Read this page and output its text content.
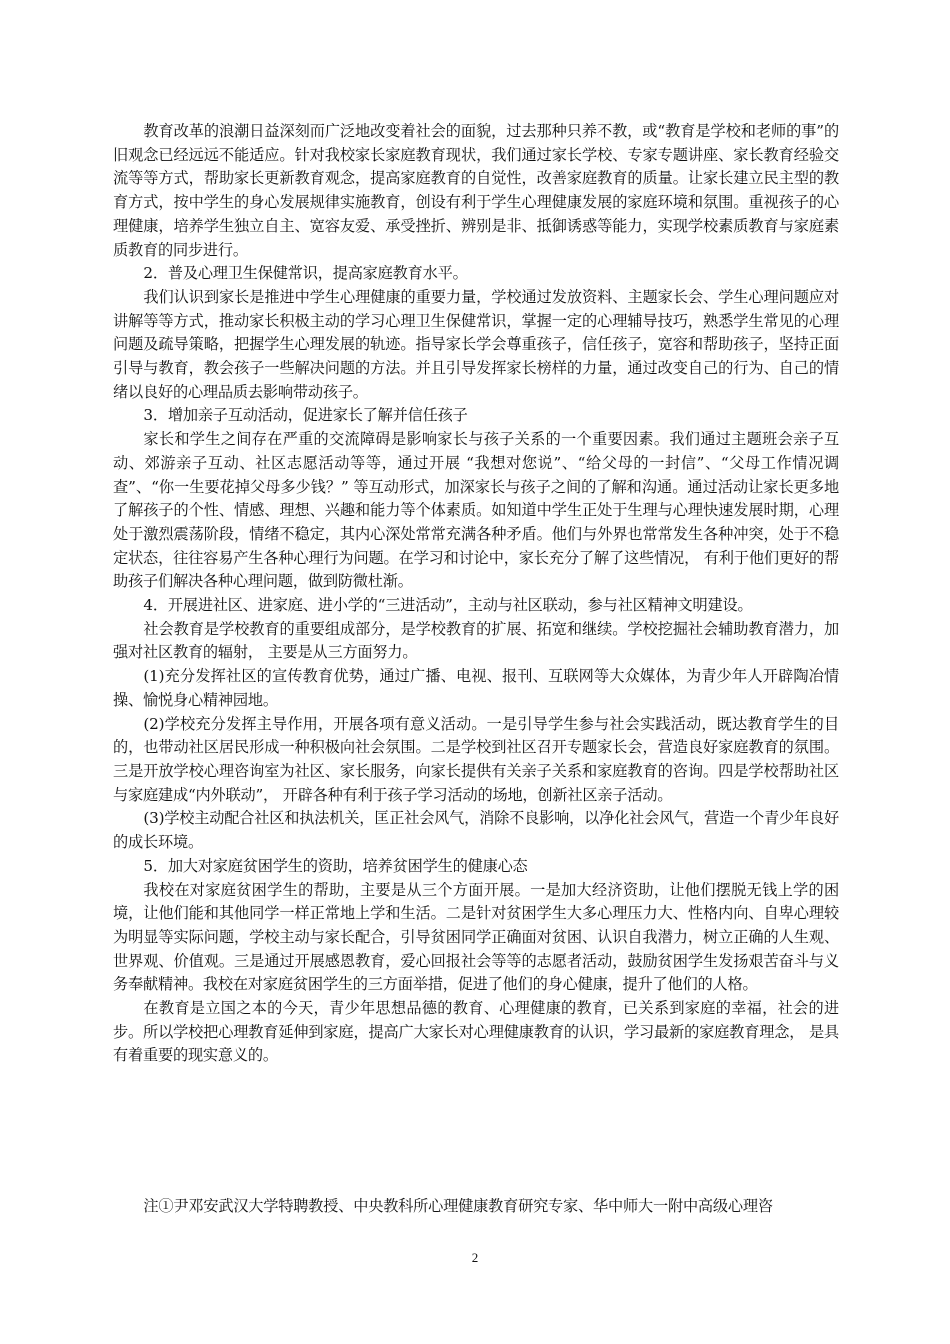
教育改革的浪潮日益深刻而广泛地改变着社会的面貌，过去那种只养不教，或“教育是学校和老师的事”的旧观念已经远远不能适应。针对我校家长家庭教育现状，我们通过家长学校、专家专题讲座、家长教育经验交流等等方式，帮助家长更新教育观念，提高家庭教育的自觉性，改善家庭教育的质量。让家长建立民主型的教育方式，按中学生的身心发展规律实施教育，创设有利于学生心理健康发展的家庭环境和氛围。重视孩子的心理健康，培养学生独立自主、宽容友爱、承受挫折、辨别是非、抵御诱惑等能力，实现学校素质教育与家庭素质教育的同步进行。

2．普及心理卫生保健常识，提高家庭教育水平。

我们认识到家长是推进中学生心理健康的重要力量，学校通过发放资料、主题家长会、学生心理问题应对讲解等等方式，推动家长积极主动的学习心理卫生保健常识，掌握一定的心理辅导技巧，熟悉学生常见的心理问题及疏导策略，把握学生心理发展的轨迹。指导家长学会尊重孩子，信任孩子，宽容和帮助孩子，坚持正面引导与教育，教会孩子一些解决问题的方法。并且引导发挥家长榜样的力量，通过改变自己的行为、自己的情绪以良好的心理品质去影响带动孩子。

3．增加亲子互动活动，促进家长了解并信任孩子

家长和学生之间存在严重的交流障碍是影响家长与孩子关系的一个重要因素。我们通过主题班会亲子互动、郊游亲子互动、社区志愿活动等等，通过开展 “我想对您说”、“给父母的一封信”、“父母工作情况调查”、“你一生要花掉父母多少钱？” 等互动形式，加深家长与孩子之间的了解和沟通。通过活动让家长更多地了解孩子的个性、情感、理想、兴趣和能力等个体素质。如知道中学生正处于生理与心理快速发展时期，心理处于激烈震荡阶段，情绪不稳定，其内心深处常常充满各种矛盾。他们与外界也常常发生各种冲突，处于不稳定状态，往往容易产生各种心理行为问题。在学习和讨论中，家长充分了解了这些情况， 有利于他们更好的帮助孩子们解决各种心理问题，做到防微杜渐。

4．开展进社区、进家庭、进小学的“三进活动”，主动与社区联动，参与社区精神文明建设。

社会教育是学校教育的重要组成部分，是学校教育的扩展、拓宽和继续。学校挖掘社会辅助教育潜力，加强对社区教育的辐射， 主要是从三方面努力。

(1)充分发挥社区的宣传教育优势，通过广播、电视、报刊、互联网等大众媒体，为青少年人开辟陶冶情操、愉悦身心精神园地。

(2)学校充分发挥主导作用，开展各项有意义活动。一是引导学生参与社会实践活动，既达教育学生的目的，也带动社区居民形成一种积极向社会氛围。二是学校到社区召开专题家长会，营造良好家庭教育的氛围。三是开放学校心理咨询室为社区、家长服务，向家长提供有关亲子关系和家庭教育的咨询。四是学校帮助社区与家庭建成“内外联动”， 开辟各种有利于孩子学习活动的场地，创新社区亲子活动。

(3)学校主动配合社区和执法机关，匡正社会风气，消除不良影响，以净化社会风气，营造一个青少年良好的成长环境。

5．加大对家庭贫困学生的资助，培养贫困学生的健康心态

我校在对家庭贫困学生的帮助，主要是从三个方面开展。一是加大经济资助，让他们摆脱无钱上学的困境，让他们能和其他同学一样正常地上学和生活。二是针对贫困学生大多心理压力大、性格内向、自卑心理较为明显等实际问题，学校主动与家长配合，引导贫困同学正确面对贫困、认识自我潜力，树立正确的人生观、世界观、价值观。三是通过开展感恩教育，爱心回报社会等等的志愿者活动，鼓励贫困学生发扬艰苦奋斗与义务奉献精神。我校在对家庭贫困学生的三方面举措，促进了他们的身心健康，提升了他们的人格。

在教育是立国之本的今天，青少年思想品德的教育、心理健康的教育，已关系到家庭的幸福，社会的进步。所以学校把心理教育延伸到家庭，提高广大家长对心理健康教育的认识，学习最新的家庭教育理念， 是具有着重要的现实意义的。

注①尹邓安武汉大学特聘教授、中央教科所心理健康教育研究专家、华中师大一附中高级心理咨
2
